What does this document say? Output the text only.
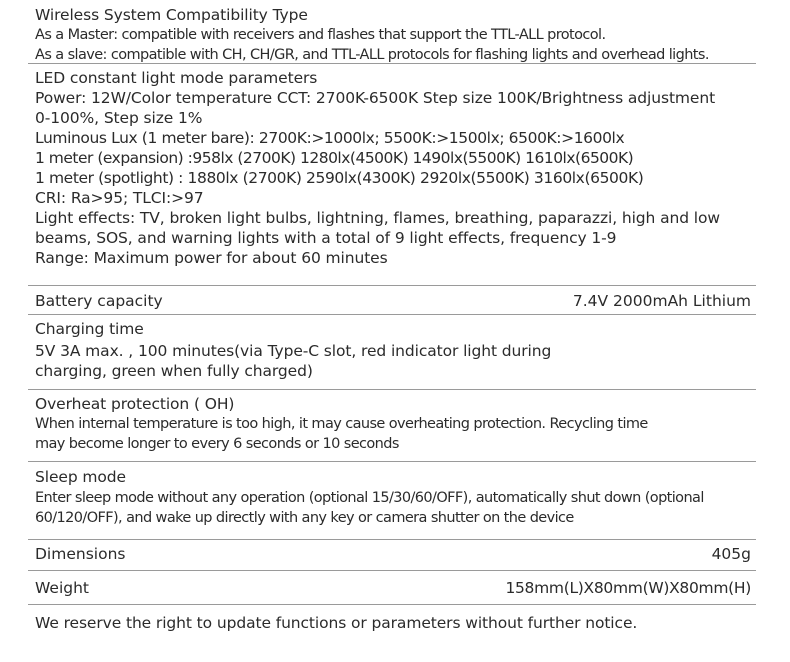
Wireless System Compatibility Type
As a Master: compatible with receivers and flashes that support the TTL-ALL protocol.
As a slave: compatible with CH, CH/GR, and TTL-ALL protocols for flashing lights and overhead lights.
LED constant light mode parameters
Power: 12W/Color temperature CCT: 2700K-6500K Step size 100K/Brightness adjustment
0-100%, Step size 1%
Luminous Lux (1 meter bare): 2700K:>1000lx; 5500K:>1500lx; 6500K:>1600lx
1 meter (expansion) :958lx (2700K) 1280lx(4500K) 1490lx(5500K) 1610lx(6500K)
1 meter (spotlight) : 1880lx (2700K) 2590lx(4300K) 2920lx(5500K) 3160lx(6500K)
CRI: Ra>95; TLCI:>97
Light effects: TV, broken light bulbs, lightning, flames, breathing, paparazzi, high and low
beams, SOS, and warning lights with a total of 9 light effects, frequency 1-9
Range: Maximum power for about 60 minutes
Battery capacity	7.4V 2000mAh Lithium
Charging time
5V 3A max. , 100 minutes(via Type-C slot, red indicator light during
charging, green when fully charged)
Overheat protection ( OH)
When internal temperature is too high, it may cause overheating protection. Recycling time
may become longer to every 6 seconds or 10 seconds
Sleep mode
Enter sleep mode without any operation (optional 15/30/60/OFF), automatically shut down (optional
60/120/OFF), and wake up directly with any key or camera shutter on the device
Dimensions	405g
Weight	158mm(L)X80mm(W)X80mm(H)
We reserve the right to update functions or parameters without further notice.
